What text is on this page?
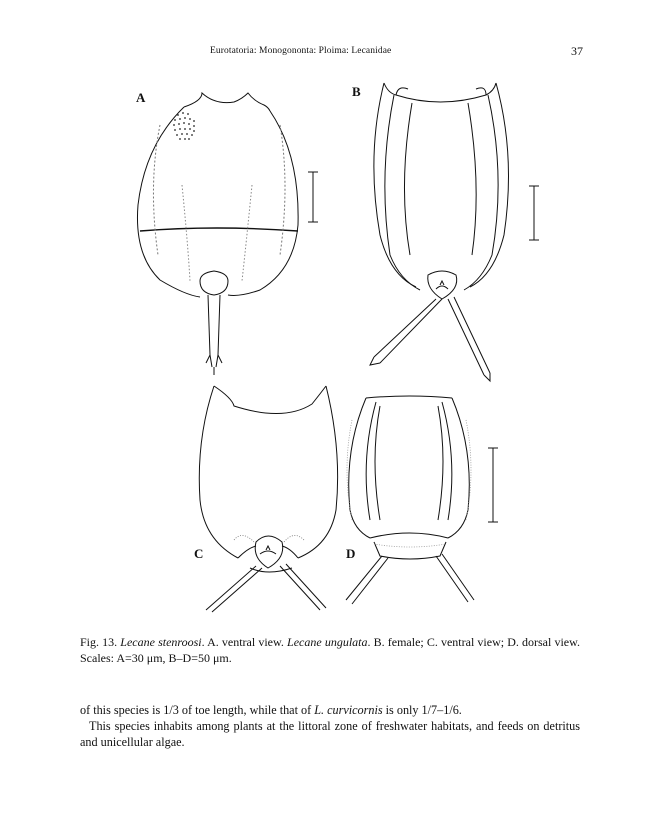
Eurotatoria: Monogononta: Ploima: Lecanidae	37
A	B
C	D
Fig. 13. Lecane stenroosi. A. ventral view. Lecane ungulata. B. female; C. ventral view; D. dorsal view. Scales: A=30 μm, B–D=50 μm.

of this species is 1/3 of toe length, while that of L. curvicornis is only 1/7–1/6.

This species inhabits among plants at the littoral zone of freshwater habitats, and feeds on detritus and unicellular algae.
